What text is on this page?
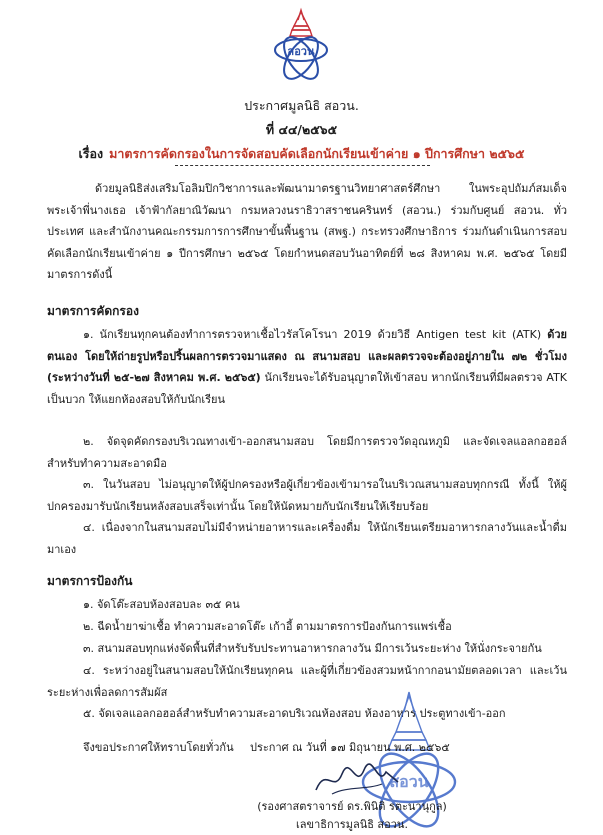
สอวน
ประกาศมูลนิธิ สอวน.
ที่ ๔๔/๒๕๖๕
เรื่อง มาตรการคัดกรองในการจัดสอบคัดเลือกนักเรียนเข้าค่าย ๑ ปีการศึกษา ๒๕๖๕
ด้วยมูลนิธิส่งเสริมโอลิมปิกวิชาการและพัฒนามาตรฐานวิทยาศาสตร์ศึกษา ในพระอุปถัมภ์สมเด็จพระเจ้าพี่นางเธอ เจ้าฟ้ากัลยาณิวัฒนา กรมหลวงนราธิวาสราชนครินทร์ (สอวน.) ร่วมกับศูนย์ สอวน. ทั่วประเทศ และสำนักงานคณะกรรมการการศึกษาขั้นพื้นฐาน (สพฐ.) กระทรวงศึกษาธิการ ร่วมกันดำเนินการสอบคัดเลือกนักเรียนเข้าค่าย ๑ ปีการศึกษา ๒๕๖๕ โดยกำหนดสอบวันอาทิตย์ที่ ๒๘ สิงหาคม พ.ศ. ๒๕๖๕ โดยมีมาตรการดังนี้
มาตรการคัดกรอง
๑. นักเรียนทุกคนต้องทำการตรวจหาเชื้อไวรัสโคโรนา 2019 ด้วยวิธี Antigen test kit (ATK) ด้วยตนเอง โดยให้ถ่ายรูปหรือปริ้นผลการตรวจมาแสดง ณ สนามสอบ และผลตรวจจะต้องอยู่ภายใน ๗๒ ชั่วโมง (ระหว่างวันที่ ๒๕-๒๗ สิงหาคม พ.ศ. ๒๕๖๕) นักเรียนจะได้รับอนุญาตให้เข้าสอบ หากนักเรียนที่มีผลตรวจ ATK เป็นบวก ให้แยกห้องสอบให้กับนักเรียน
๒. จัดจุดคัดกรองบริเวณทางเข้า-ออกสนามสอบ โดยมีการตรวจวัดอุณหภูมิ และจัดเจลแอลกอฮอล์สำหรับทำความสะอาดมือ
๓. ในวันสอบ ไม่อนุญาตให้ผู้ปกครองหรือผู้เกี่ยวข้องเข้ามารอในบริเวณสนามสอบทุกกรณี ทั้งนี้ ให้ผู้ปกครองมารับนักเรียนหลังสอบเสร็จเท่านั้น โดยให้นัดหมายกับนักเรียนให้เรียบร้อย
๔. เนื่องจากในสนามสอบไม่มีจำหน่ายอาหารและเครื่องดื่ม ให้นักเรียนเตรียมอาหารกลางวันและน้ำดื่มมาเอง
มาตรการป้องกัน
๑. จัดโต๊ะสอบห้องสอบละ ๓๕ คน
๒. ฉีดน้ำยาฆ่าเชื้อ ทำความสะอาดโต๊ะ เก้าอี้ ตามมาตรการป้องกันการแพร่เชื้อ
๓. สนามสอบทุกแห่งจัดพื้นที่สำหรับรับประทานอาหารกลางวัน มีการเว้นระยะห่าง ให้นั่งกระจายกัน
๔. ระหว่างอยู่ในสนามสอบให้นักเรียนทุกคน และผู้ที่เกี่ยวข้องสวมหน้ากากอนามัยตลอดเวลา และเว้นระยะห่างเพื่อลดการสัมผัส
๕. จัดเจลแอลกอฮอล์สำหรับทำความสะอาดบริเวณห้องสอบ ห้องอาหาร ประตูทางเข้า-ออก
จึงขอประกาศให้ทราบโดยทั่วกัน
สอวน
ประกาศ ณ วันที่ ๑๗ มิถุนายน พ.ศ. ๒๕๖๕
(รองศาสตราจารย์ ดร.พินิติ รตะนานุกูล)
เลขาธิการมูลนิธิ สอวน.
